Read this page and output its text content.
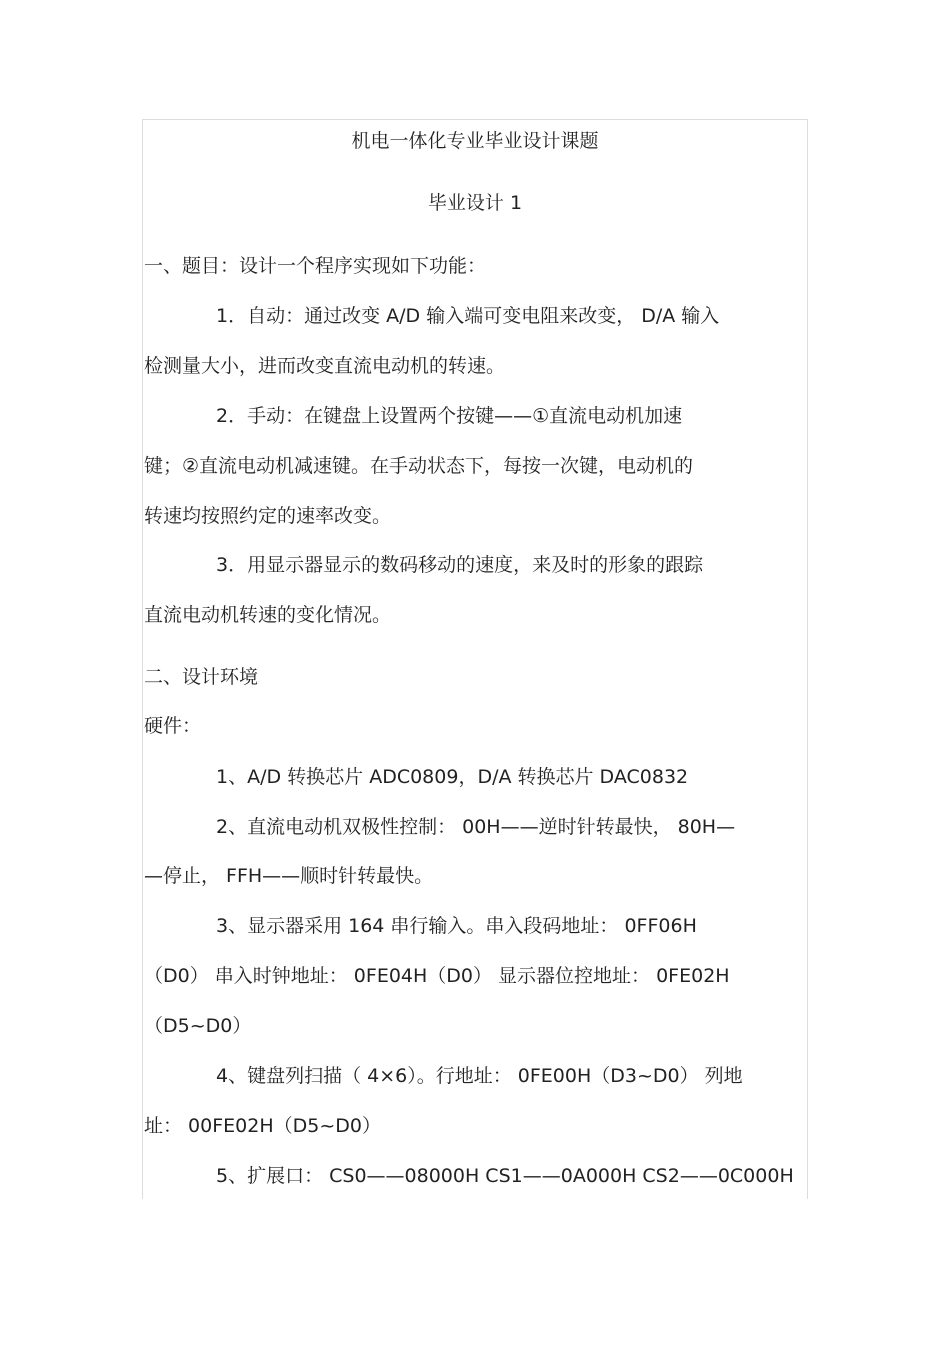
机电一体化专业毕业设计课题
毕业设计 1
一、题目：设计一个程序实现如下功能：
1．自动：通过改变 A/D 输入端可变电阻来改变， D/A 输入
检测量大小，进而改变直流电动机的转速。
2．手动：在键盘上设置两个按键——①直流电动机加速
键；②直流电动机减速键。在手动状态下，每按一次键，电动机的
转速均按照约定的速率改变。
3．用显示器显示的数码移动的速度，来及时的形象的跟踪
直流电动机转速的变化情况。
二、设计环境
硬件：
1、A/D 转换芯片 ADC0809，D/A 转换芯片 DAC0832
2、直流电动机双极性控制： 00H——逆时针转最快， 80H—
—停止， FFH——顺时针转最快。
3、显示器采用 164 串行输入。串入段码地址： 0FF06H
（D0） 串入时钟地址： 0FE04H（D0） 显示器位控地址： 0FE02H
（D5~D0）
4、键盘列扫描（ 4×6）。行地址： 0FE00H（D3~D0） 列地
址： 00FE02H（D5~D0）
5、扩展口： CS0——08000H CS1——0A000H CS2——0C000H
